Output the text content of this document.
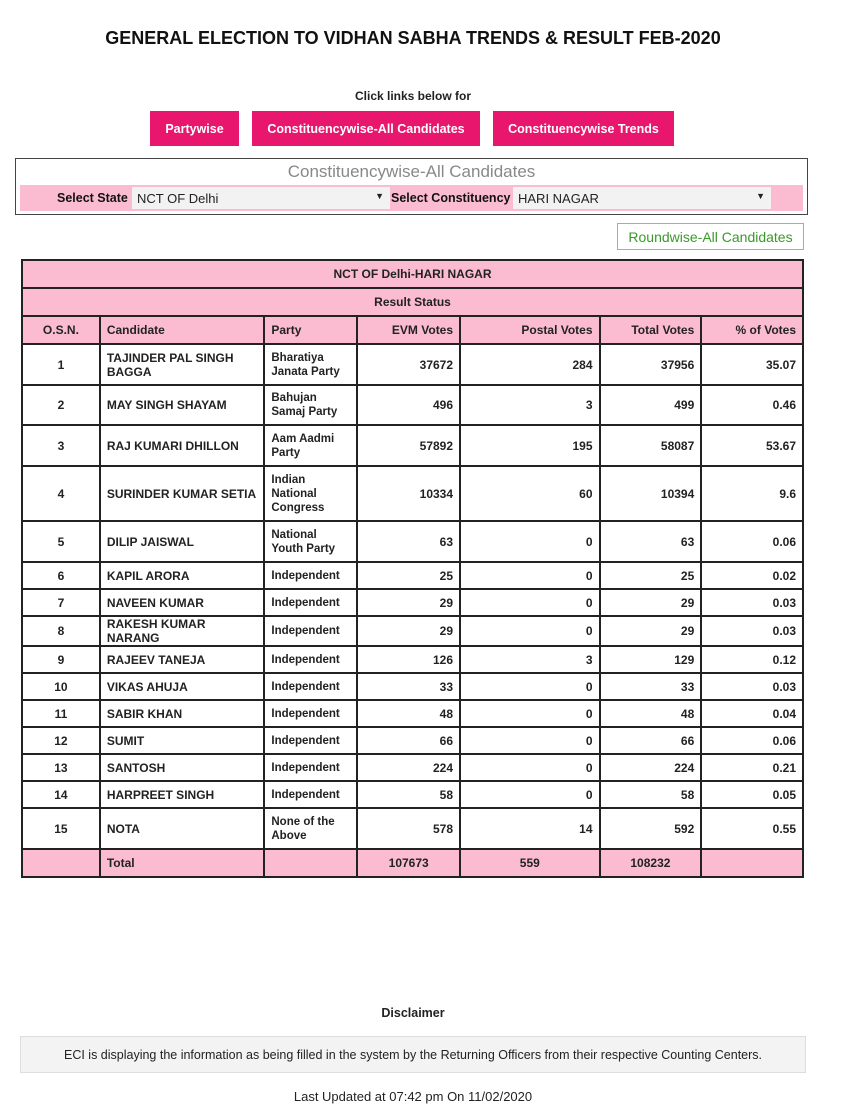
GENERAL ELECTION TO VIDHAN SABHA TRENDS & RESULT FEB-2020
Click links below for
Partywise	Constituencywise-All Candidates	Constituencywise Trends
Constituencywise-All Candidates
Select State NCT OF Delhi	▼ Select Constituency HARI NAGAR	▼
Roundwise-All Candidates
NCT OF Delhi-HARI NAGAR						
Result Status						
O.S.N.	Candidate	Party	EVM Votes	Postal Votes	Total Votes	% of Votes
1	TAJINDER PAL SINGH BAGGA	Bharatiya Janata Party	37672	284	37956	35.07
2	MAY SINGH SHAYAM	Bahujan Samaj Party	496	3	499	0.46
3	RAJ KUMARI DHILLON	Aam Aadmi Party	57892	195	58087	53.67
4	SURINDER KUMAR SETIA	Indian National Congress	10334	60	10394	9.6
5	DILIP JAISWAL	National Youth Party	63	0	63	0.06
6	KAPIL ARORA	Independent	25	0	25	0.02
7	NAVEEN KUMAR	Independent	29	0	29	0.03
8	RAKESH KUMAR NARANG	Independent	29	0	29	0.03
9	RAJEEV TANEJA	Independent	126	3	129	0.12
10	VIKAS AHUJA	Independent	33	0	33	0.03
11	SABIR KHAN	Independent	48	0	48	0.04
12	SUMIT	Independent	66	0	66	0.06
13	SANTOSH	Independent	224	0	224	0.21
14	HARPREET SINGH	Independent	58	0	58	0.05
15	NOTA	None of the Above	578	14	592	0.55
	Total		107673	559	108232	
Disclaimer
ECI is displaying the information as being filled in the system by the Returning Officers from their respective Counting Centers.
Last Updated at 07:42 pm On 11/02/2020
